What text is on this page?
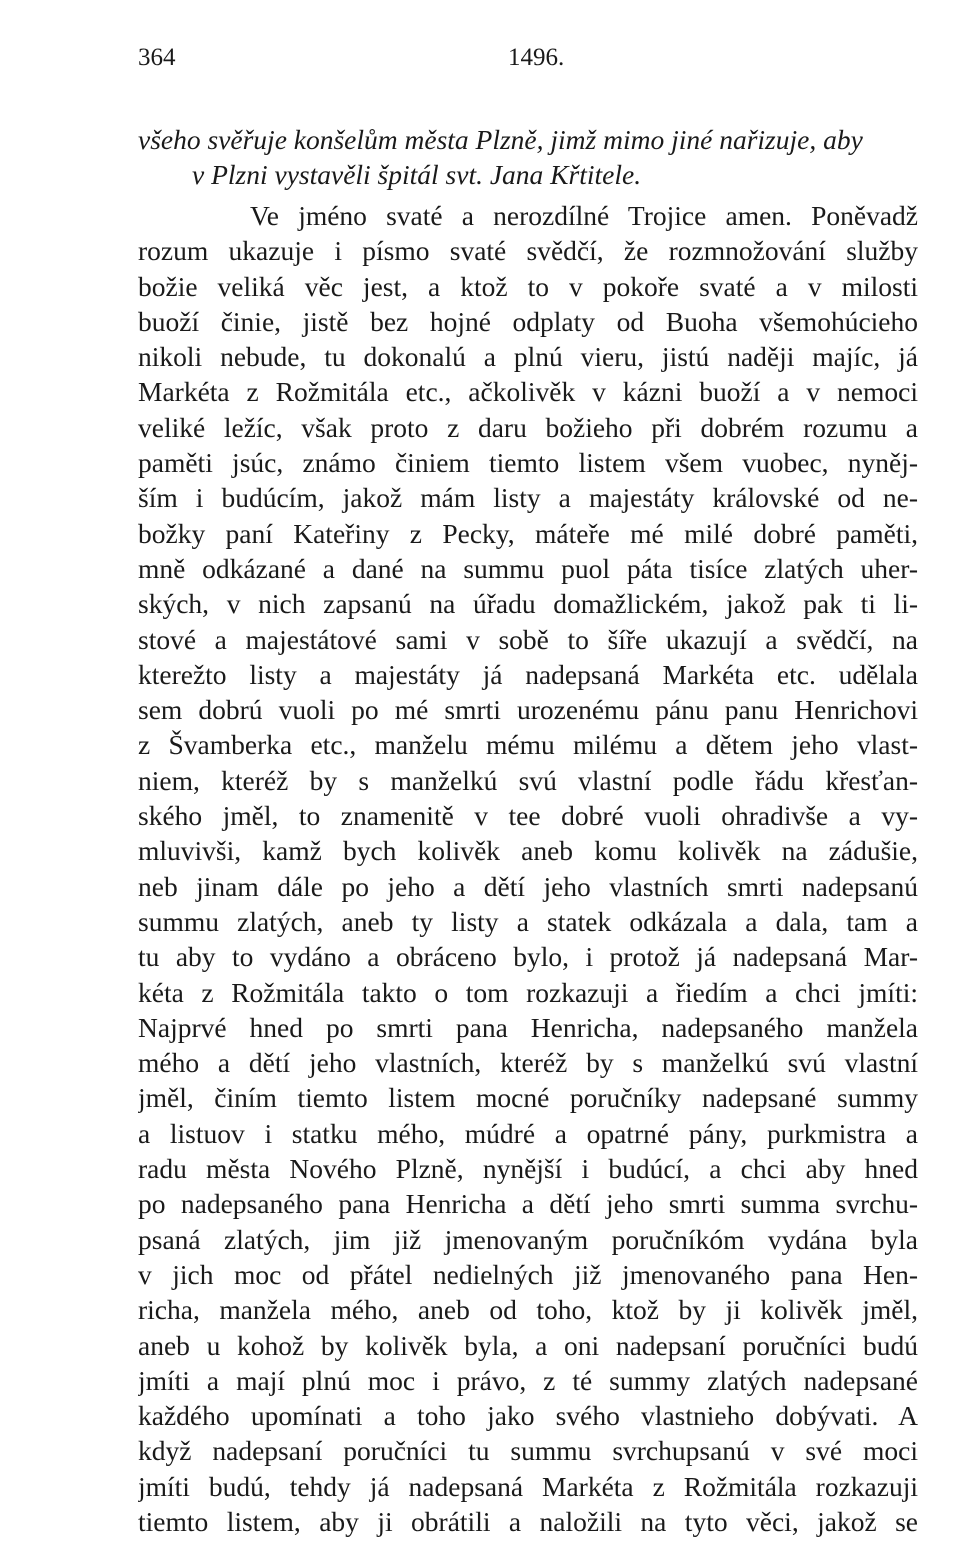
364	1496.
všeho svěřuje konšelům města Plzně, jimž mimo jiné nařizuje, aby
v Plzni vystavěli špitál svt. Jana Křtitele.
Ve jméno svaté a nerozdílné Trojice amen. Poněvadž
rozum ukazuje i písmo svaté svědčí, že rozmnožování služby
božie veliká věc jest, a ktož to v pokoře svaté a v milosti
buoží činie, jistě bez hojné odplaty od Buoha všemohúcieho
nikoli nebude, tu dokonalú a plnú vieru, jistú naději majíc, já
Markéta z Rožmitála etc., ačkolivěk v kázni buoží a v nemoci
veliké ležíc, však proto z daru božieho při dobrém rozumu a
paměti jsúc, známo činiem tiemto listem všem vuobec, nyněj-
ším i budúcím, jakož mám listy a majestáty královské od ne-
božky paní Kateřiny z Pecky, máteře mé milé dobré paměti,
mně odkázané a dané na summu puol páta tisíce zlatých uher-
ských, v nich zapsanú na úřadu domažlickém, jakož pak ti li-
stové a majestátové sami v sobě to šíře ukazují a svědčí, na
kterežto listy a majestáty já nadepsaná Markéta etc. udělala
sem dobrú vuoli po mé smrti urozenému pánu panu Henrichovi
z Švamberka etc., manželu mému milému a dětem jeho vlast-
niem, kteréž by s manželkú svú vlastní podle řádu křesťan-
ského jměl, to znamenitě v tee dobré vuoli ohradivše a vy-
mluvivši, kamž bych kolivěk aneb komu kolivěk na zádušie,
neb jinam dále po jeho a dětí jeho vlastních smrti nadepsanú
summu zlatých, aneb ty listy a statek odkázala a dala, tam a
tu aby to vydáno a obráceno bylo, i protož já nadepsaná Mar-
kéta z Rožmitála takto o tom rozkazuji a řiedím a chci jmíti:
Najprvé hned po smrti pana Henricha, nadepsaného manžela
mého a dětí jeho vlastních, kteréž by s manželkú svú vlastní
jměl, činím tiemto listem mocné poručníky nadepsané summy
a listuov i statku mého, múdré a opatrné pány, purkmistra a
radu města Nového Plzně, nynější i budúcí, a chci aby hned
po nadepsaného pana Henricha a dětí jeho smrti summa svrchu-
psaná zlatých, jim již jmenovaným poručníkóm vydána byla
v jich moc od přátel nedielných již jmenovaného pana Hen-
richa, manžela mého, aneb od toho, ktož by ji kolivěk jměl,
aneb u kohož by kolivěk byla, a oni nadepsaní poručníci budú
jmíti a mají plnú moc i právo, z té summy zlatých nadepsané
každého upomínati a toho jako svého vlastnieho dobývati. A
když nadepsaní poručníci tu summu svrchupsanú v své moci
jmíti budú, tehdy já nadepsaná Markéta z Rožmitála rozkazuji
tiemto listem, aby ji obrátili a naložili na tyto věci, jakož se
